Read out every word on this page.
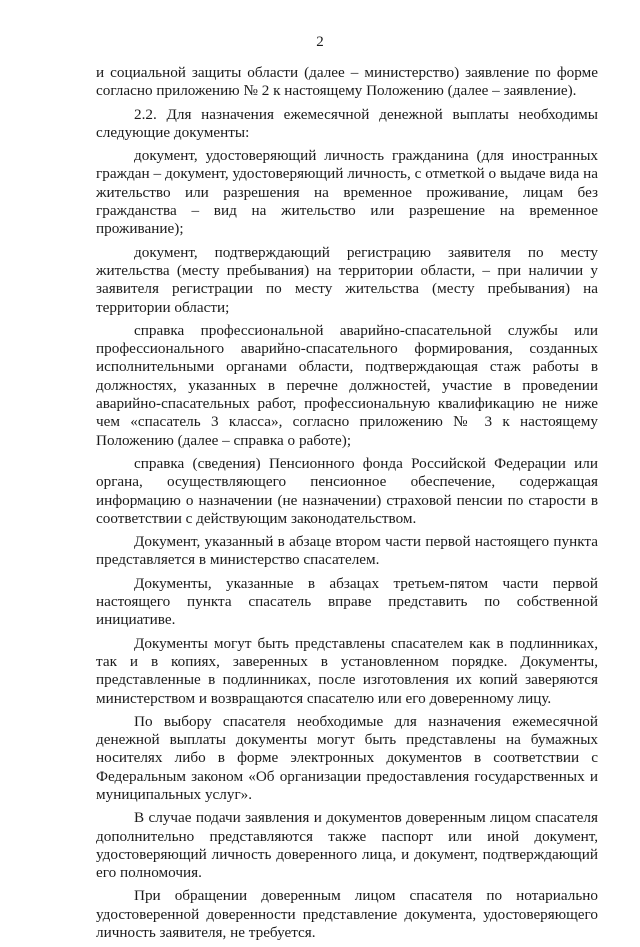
2

и социальной защиты области (далее – министерство) заявление по форме согласно приложению № 2 к настоящему Положению (далее – заявление).

2.2. Для назначения ежемесячной денежной выплаты необходимы следующие документы:

документ, удостоверяющий личность гражданина (для иностранных граждан – документ, удостоверяющий личность, с отметкой о выдаче вида на жительство или разрешения на временное проживание, лицам без гражданства – вид на жительство или разрешение на временное проживание);

документ, подтверждающий регистрацию заявителя по месту жительства (месту пребывания) на территории области, – при наличии у заявителя регистрации по месту жительства (месту пребывания) на территории области;

справка профессиональной аварийно-спасательной службы или профессионального аварийно-спасательного формирования, созданных исполнительными органами области, подтверждающая стаж работы в должностях, указанных в перечне должностей, участие в проведении аварийно-спасательных работ, профессиональную квалификацию не ниже чем «спасатель 3 класса», согласно приложению № 3 к настоящему Положению (далее – справка о работе);

справка (сведения) Пенсионного фонда Российской Федерации или органа, осуществляющего пенсионное обеспечение, содержащая информацию о назначении (не назначении) страховой пенсии по старости в соответствии с действующим законодательством.

Документ, указанный в абзаце втором части первой настоящего пункта представляется в министерство спасателем.

Документы, указанные в абзацах третьем-пятом части первой настоящего пункта спасатель вправе представить по собственной инициативе.

Документы могут быть представлены спасателем как в подлинниках, так и в копиях, заверенных в установленном порядке. Документы, представленные в подлинниках, после изготовления их копий заверяются министерством и возвращаются спасателю или его доверенному лицу.

По выбору спасателя необходимые для назначения ежемесячной денежной выплаты документы могут быть представлены на бумажных носителях либо в форме электронных документов в соответствии с Федеральным законом «Об организации предоставления государственных и муниципальных услуг».

В случае подачи заявления и документов доверенным лицом спасателя дополнительно представляются также паспорт или иной документ, удостоверяющий личность доверенного лица, и документ, подтверждающий его полномочия.

При обращении доверенным лицом спасателя по нотариально удостоверенной доверенности представление документа, удостоверяющего личность заявителя, не требуется.
